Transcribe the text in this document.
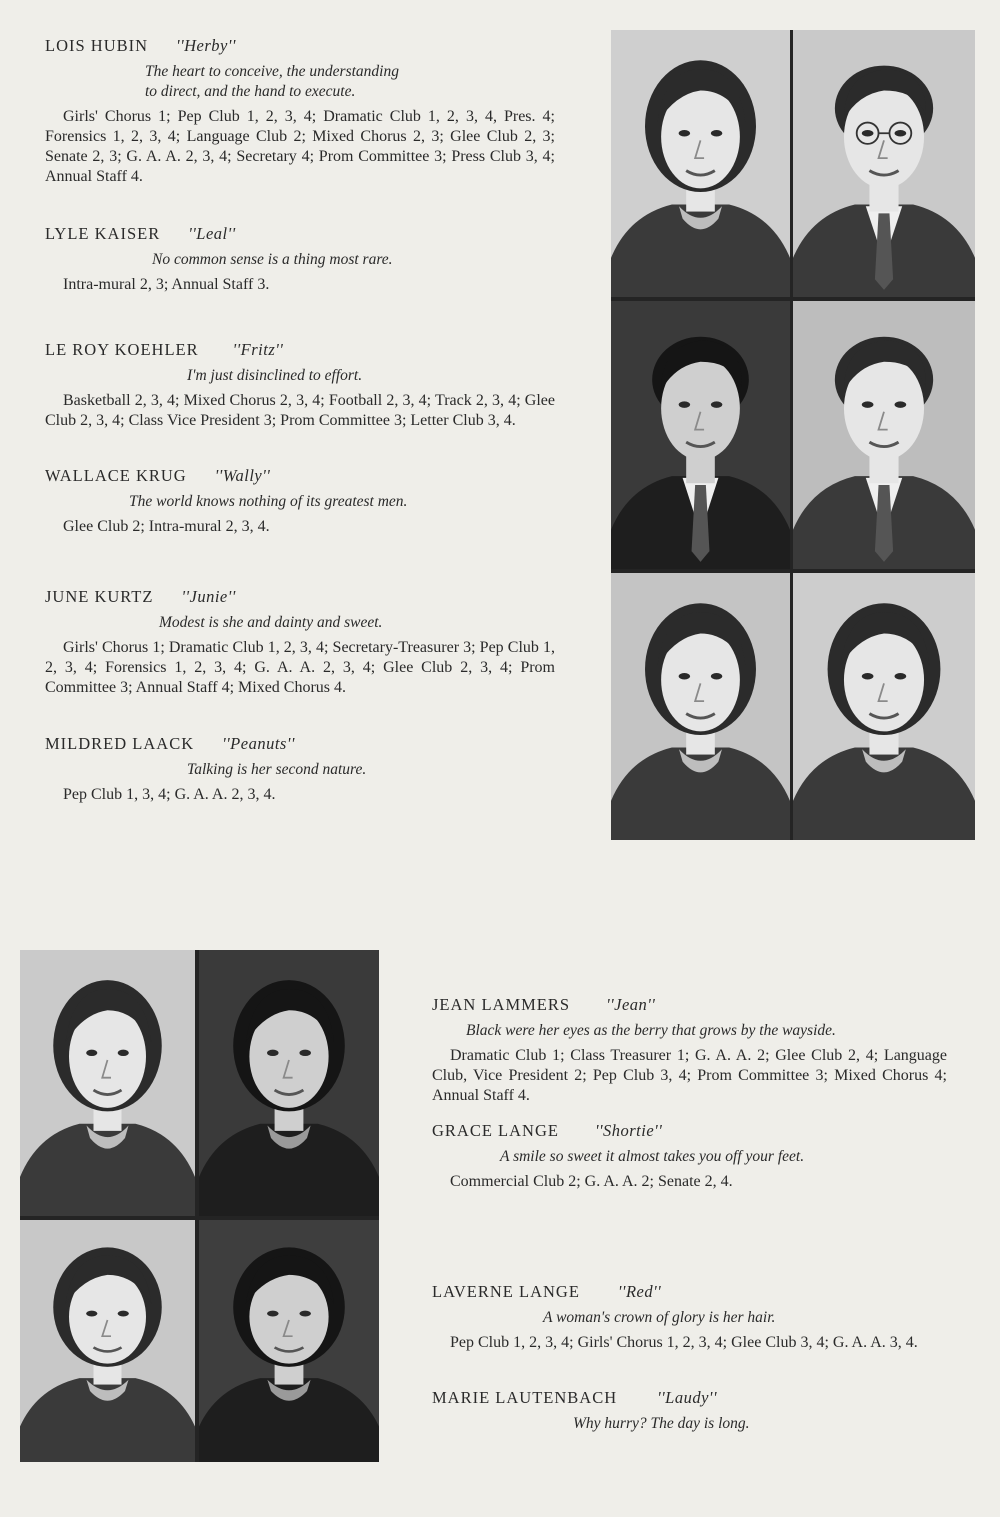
LOIS HUBIN ''Herby''
The heart to conceive, the understanding
to direct, and the hand to execute.
Girls' Chorus 1; Pep Club 1, 2, 3, 4; Dramatic Club 1, 2, 3, 4, Pres. 4; Forensics 1, 2, 3, 4; Language Club 2; Mixed Chorus 2, 3; Glee Club 2, 3; Senate 2, 3; G. A. A. 2, 3, 4; Secretary 4; Prom Committee 3; Press Club 3, 4; Annual Staff 4.
LYLE KAISER ''Leal''
No common sense is a thing most rare.
Intra-mural 2, 3; Annual Staff 3.
LE ROY KOEHLER ''Fritz''
I'm just disinclined to effort.
Basketball 2, 3, 4; Mixed Chorus 2, 3, 4; Football 2, 3, 4; Track 2, 3, 4; Glee Club 2, 3, 4; Class Vice President 3; Prom Committee 3; Letter Club 3, 4.
WALLACE KRUG ''Wally''
The world knows nothing of its greatest men.
Glee Club 2; Intra-mural 2, 3, 4.
JUNE KURTZ ''Junie''
Modest is she and dainty and sweet.
Girls' Chorus 1; Dramatic Club 1, 2, 3, 4; Secretary-Treasurer 3; Pep Club 1, 2, 3, 4; Forensics 1, 2, 3, 4; G. A. A. 2, 3, 4; Glee Club 2, 3, 4; Prom Committee 3; Annual Staff 4; Mixed Chorus 4.
MILDRED LAACK ''Peanuts''
Talking is her second nature.
Pep Club 1, 3, 4; G. A. A. 2, 3, 4.
JEAN LAMMERS ''Jean''
Black were her eyes as the berry that grows by the wayside.
Dramatic Club 1; Class Treasurer 1; G. A. A. 2; Glee Club 2, 4; Language Club, Vice President 2; Pep Club 3, 4; Prom Committee 3; Mixed Chorus 4; Annual Staff 4.
GRACE LANGE ''Shortie''
A smile so sweet it almost takes you off your feet.
Commercial Club 2; G. A. A. 2; Senate 2, 4.
LAVERNE LANGE ''Red''
A woman's crown of glory is her hair.
Pep Club 1, 2, 3, 4; Girls' Chorus 1, 2, 3, 4; Glee Club 3, 4; G. A. A. 3, 4.
MARIE LAUTENBACH ''Laudy''
Why hurry? The day is long.
